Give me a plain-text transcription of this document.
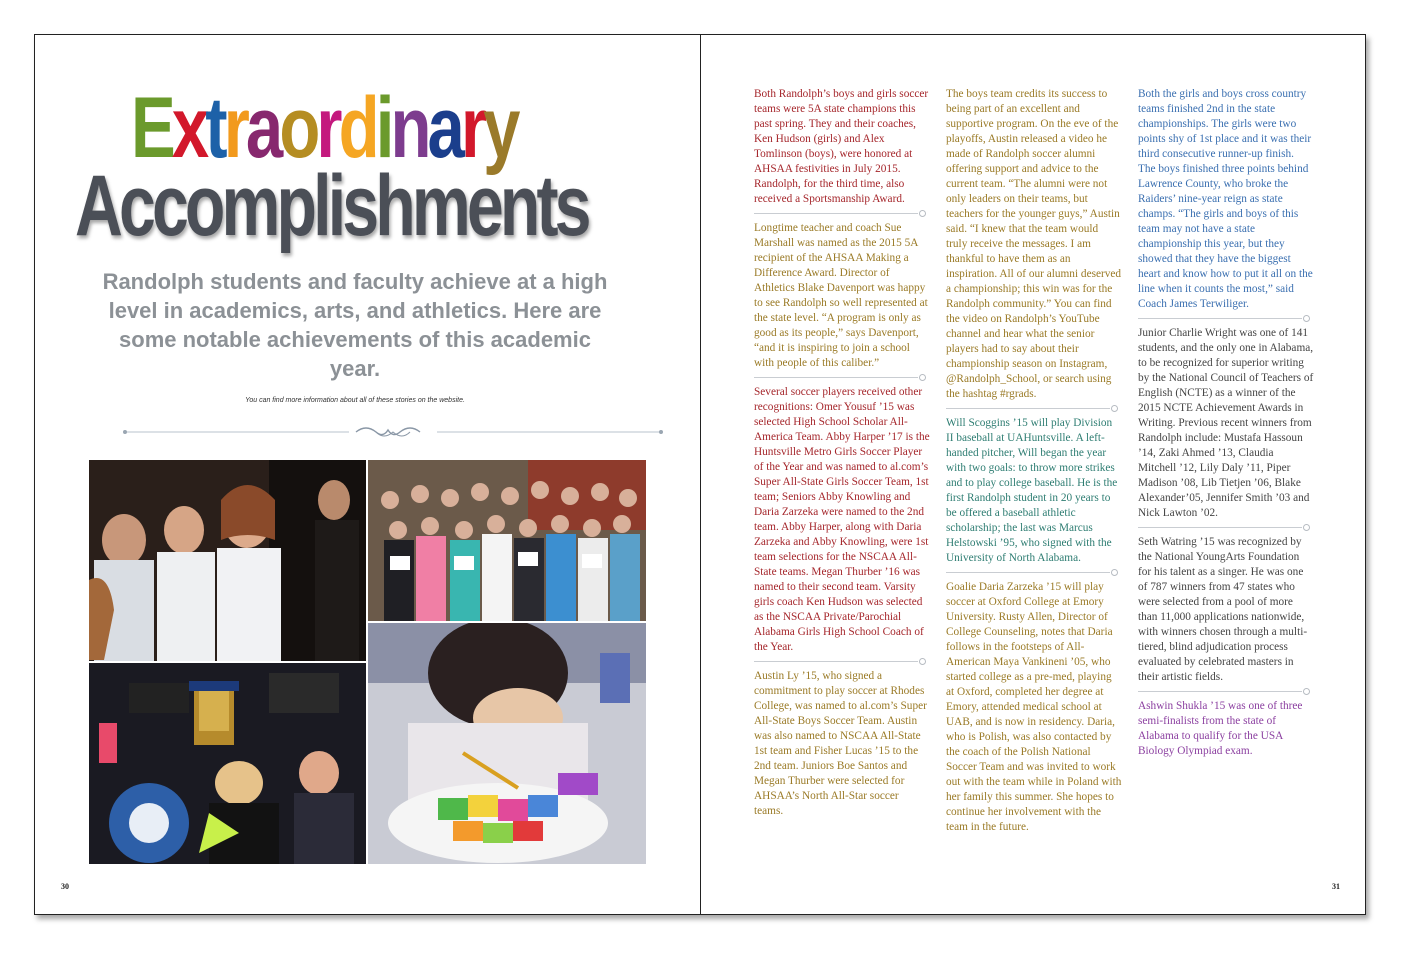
Extraordinary
Accomplishments
Randolph students and faculty achieve at a high level in academics, arts, and athletics. Here are some notable achievements of this academic year.
You can find more information about all of these stories on the website.
30

Both Randolph’s boys and girls soccer teams were 5A state champions this past spring. They and their coaches, Ken Hudson (girls) and Alex Tomlinson (boys), were honored at AHSAA festivities in July 2015. Randolph, for the third time, also received a Sportsmanship Award.

Longtime teacher and coach Sue Marshall was named as the 2015 5A recipient of the AHSAA Making a Difference Award. Director of Athletics Blake Davenport was happy to see Randolph so well represented at the state level. “A program is only as good as its people,” says Davenport, “and it is inspiring to join a school with people of this caliber.”

Several soccer players received other recognitions: Omer Yousuf ’15 was selected High School Scholar All-America Team. Abby Harper ’17 is the Huntsville Metro Girls Soccer Player of the Year and was named to al.com’s Super All-State Girls Soccer Team, 1st team; Seniors Abby Knowling and Daria Zarzeka were named to the 2nd team. Abby Harper, along with Daria Zarzeka and Abby Knowling, were 1st team selections for the NSCAA All-State teams. Megan Thurber ’16 was named to their second team. Varsity girls coach Ken Hudson was selected as the NSCAA Private/Parochial Alabama Girls High School Coach of the Year.

Austin Ly ’15, who signed a commitment to play soccer at Rhodes College, was named to al.com’s Super All-State Boys Soccer Team. Austin was also named to NSCAA All-State 1st team and Fisher Lucas ’15 to the 2nd team. Juniors Boe Santos and Megan Thurber were selected for AHSAA’s North All-Star soccer teams.

The boys team credits its success to being part of an excellent and supportive program. On the eve of the playoffs, Austin released a video he made of Randolph soccer alumni offering support and advice to the current team. “The alumni were not only leaders on their teams, but teachers for the younger guys,” Austin said. “I knew that the team would truly receive the messages. I am thankful to have them as an inspiration. All of our alumni deserved a championship; this win was for the Randolph community.” You can find the video on Randolph’s YouTube channel and hear what the senior players had to say about their championship season on Instagram, @Randolph_School, or search using the hashtag #rgrads.

Will Scoggins ’15 will play Division II baseball at UAHuntsville. A left-handed pitcher, Will began the year with two goals: to throw more strikes and to play college baseball. He is the first Randolph student in 20 years to be offered a baseball athletic scholarship; the last was Marcus Helstowski ’95, who signed with the University of North Alabama.

Goalie Daria Zarzeka ’15 will play soccer at Oxford College at Emory University. Rusty Allen, Director of College Counseling, notes that Daria follows in the footsteps of All-American Maya Vankineni ’05, who started college as a pre-med, playing at Oxford, completed her degree at Emory, attended medical school at UAB, and is now in residency. Daria, who is Polish, was also contacted by the coach of the Polish National Soccer Team and was invited to work out with the team while in Poland with her family this summer. She hopes to continue her involvement with the team in the future.

Both the girls and boys cross country teams finished 2nd in the state championships. The girls were two points shy of 1st place and it was their third consecutive runner-up finish. The boys finished three points behind Lawrence County, who broke the Raiders’ nine-year reign as state champs. “The girls and boys of this team may not have a state championship this year, but they showed that they have the biggest heart and know how to put it all on the line when it counts the most,” said Coach James Terwiliger.

Junior Charlie Wright was one of 141 students, and the only one in Alabama, to be recognized for superior writing by the National Council of Teachers of English (NCTE) as a winner of the 2015 NCTE Achievement Awards in Writing. Previous recent winners from Randolph include: Mustafa Hassoun ’14, Zaki Ahmed ’13, Claudia Mitchell ’12, Lily Daly ’11, Piper Madison ’08, Lib Tietjen ’06, Blake Alexander’05, Jennifer Smith ’03 and Nick Lawton ’02.

Seth Watring ’15 was recognized by the National YoungArts Foundation for his talent as a singer. He was one of 787 winners from 47 states who were selected from a pool of more than 11,000 applications nationwide, with winners chosen through a multi-tiered, blind adjudication process evaluated by celebrated masters in their artistic fields.

Ashwin Shukla ’15 was one of three semi-finalists from the state of Alabama to qualify for the USA Biology Olympiad exam.

31
